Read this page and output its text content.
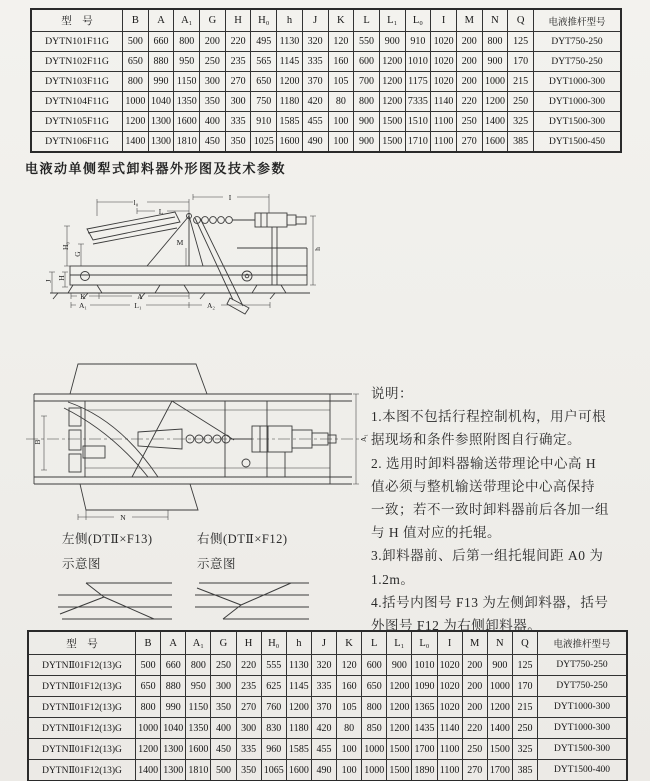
型　号	B	A	A₁	G	H	H₀	h	J	K	L	L₁	L₀	I	M	N	Q	电液推杆型号
DYTN101F11G	500	660	800	200	220	495	1130	320	120	550	900	910	1020	200	800	125	DYT750-250
DYTN102F11G	650	880	950	250	235	565	1145	335	160	600	1200	1010	1020	200	900	170	DYT750-250
DYTN103F11G	800	990	1150	300	270	650	1200	370	105	700	1200	1175	1020	200	1000	215	DYT1000-300
DYTN104F11G	1000	1040	1350	350	300	750	1180	420	80	800	1200	7335	1140	220	1200	250	DYT1000-300
DYTN105F11G	1200	1300	1600	400	335	910	1585	455	100	900	1500	1510	1100	250	1400	325	DYT1500-300
DYTN106F11G	1400	1300	1810	450	350	1025	1600	490	100	900	1500	1710	1100	270	1600	385	DYT1500-450
电液动单侧犁式卸料器外形图及技术参数
l₀
L
I
H₀
G
H
J
M
K	A
A₁	L₁	A₂
h
B	A₁
N
说明：
1.本图不包括行程控制机构，用户可根
据现场和条件参照附图自行确定。
2. 选用时卸料器输送带理论中心高 H
值必须与整机输送带理论中心高保持
一致；若不一致时卸料器前后各加一组
与 H 值对应的托辊。
3.卸料器前、后第一组托辊间距 A0 为
1.2m。
4.括号内图号 F13 为左侧卸料器，括号
外图号 F12 为右侧卸料器。
左侧(DTⅡ×F13)
示意图
右侧(DTⅡ×F12)
示意图
型　号	B	A	A₁	G	H	H₀	h	J	K	L	L₁	L₀	I	M	N	Q	电液推杆型号
DYTNⅡ01F12(13)G	500	660	800	250	220	555	1130	320	120	600	900	1010	1020	200	900	125	DYT750-250
DYTNⅡ01F12(13)G	650	880	950	300	235	625	1145	335	160	650	1200	1090	1020	200	1000	170	DYT750-250
DYTNⅡ01F12(13)G	800	990	1150	350	270	760	1200	370	105	800	1200	1365	1020	200	1200	215	DYT1000-300
DYTNⅡ01F12(13)G	1000	1040	1350	400	300	830	1180	420	80	850	1200	1435	1140	220	1400	250	DYT1000-300
DYTNⅡ01F12(13)G	1200	1300	1600	450	335	960	1585	455	100	1000	1500	1700	1100	250	1500	325	DYT1500-300
DYTNⅡ01F12(13)G	1400	1300	1810	500	350	1065	1600	490	100	1000	1500	1890	1100	270	1700	385	DYT1500-400
